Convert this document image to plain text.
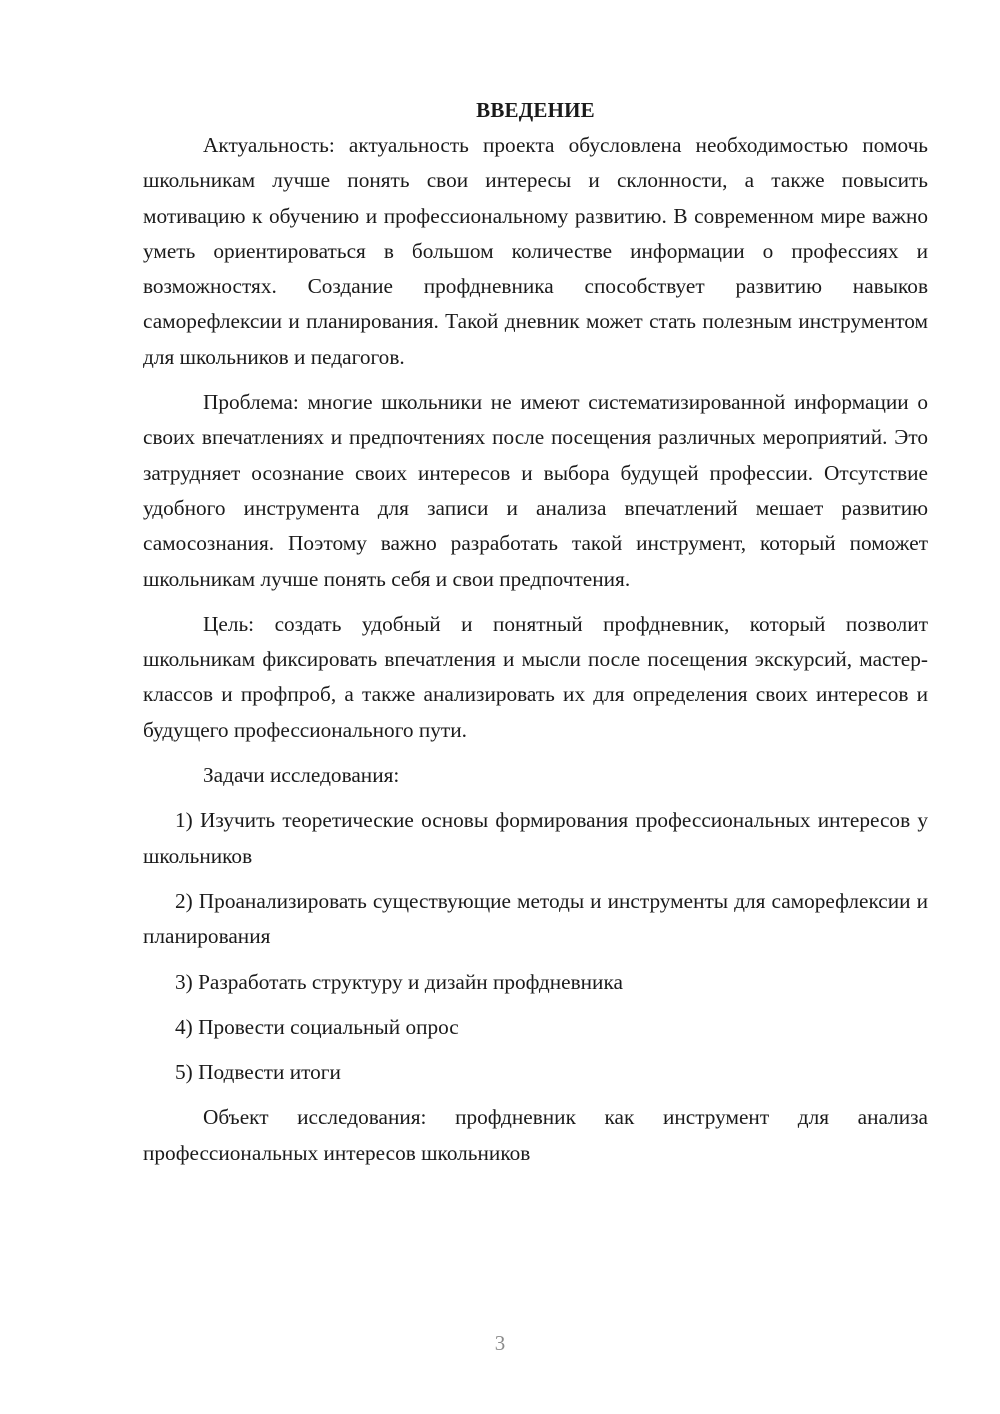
ВВЕДЕНИЕ

Актуальность: актуальность проекта обусловлена необходимостью помочь школьникам лучше понять свои интересы и склонности, а также повысить мотивацию к обучению и профессиональному развитию. В современном мире важно уметь ориентироваться в большом количестве информации о профессиях и возможностях. Создание профдневника способствует развитию навыков саморефлексии и планирования. Такой дневник может стать полезным инструментом для школьников и педагогов.

Проблема: многие школьники не имеют систематизированной информации о своих впечатлениях и предпочтениях после посещения различных мероприятий. Это затрудняет осознание своих интересов и выбора будущей профессии. Отсутствие удобного инструмента для записи и анализа впечатлений мешает развитию самосознания. Поэтому важно разработать такой инструмент, который поможет школьникам лучше понять себя и свои предпочтения.

Цель: создать удобный и понятный профдневник, который позволит школьникам фиксировать впечатления и мысли после посещения экскурсий, мастер-классов и профпроб, а также анализировать их для определения своих интересов и будущего профессионального пути.

Задачи исследования:

1) Изучить теоретические основы формирования профессиональных интересов у школьников

2) Проанализировать существующие методы и инструменты для саморефлексии и планирования

3) Разработать структуру и дизайн профдневника

4) Провести социальный опрос

5) Подвести итоги

Объект исследования: профдневник как инструмент для анализа профессиональных интересов школьников

3
